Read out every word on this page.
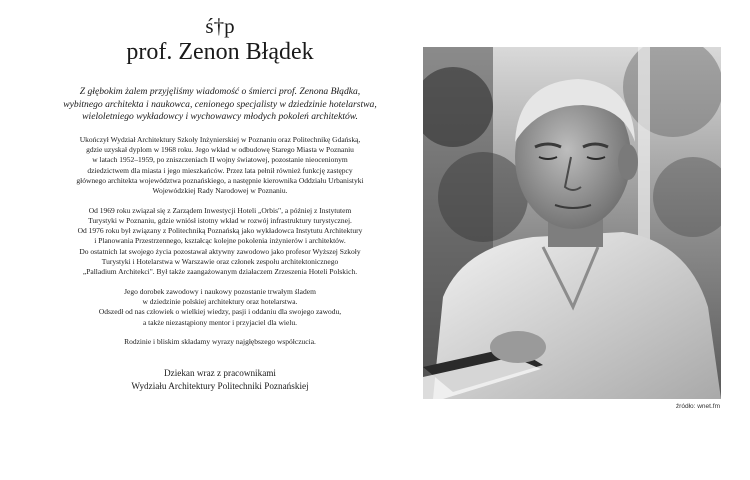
ś†p

prof. Zenon Błądek

Z głębokim żalem przyjęliśmy wiadomość o śmierci prof. Zenona Błądka,
wybitnego architekta i naukowca, cenionego specjalisty w dziedzinie hotelarstwa,
wieloletniego wykładowcy i wychowawcy młodych pokoleń architektów.

Ukończył Wydział Architektury Szkoły Inżynierskiej w Poznaniu oraz Politechnikę Gdańską,
gdzie uzyskał dyplom w 1968 roku. Jego wkład w odbudowę Starego Miasta w Poznaniu
w latach 1952–1959, po zniszczeniach II wojny światowej, pozostanie nieocenionym
dziedzictwem dla miasta i jego mieszkańców. Przez lata pełnił również funkcję zastępcy
głównego architekta województwa poznańskiego, a następnie kierownika Oddziału Urbanistyki
Wojewódzkiej Rady Narodowej w Poznaniu.

Od 1969 roku związał się z Zarządem Inwestycji Hoteli „Orbis", a później z Instytutem
Turystyki w Poznaniu, gdzie wniósł istotny wkład w rozwój infrastruktury turystycznej.
Od 1976 roku był związany z Politechniką Poznańską jako wykładowca Instytutu Architektury
i Planowania Przestrzennego, kształcąc kolejne pokolenia inżynierów i architektów.
Do ostatnich lat swojego życia pozostawał aktywny zawodowo jako profesor Wyższej Szkoły
Turystyki i Hotelarstwa w Warszawie oraz członek zespołu architektonicznego
„Palladium Architekci". Był także zaangażowanym działaczem Zrzeszenia Hoteli Polskich.

Jego dorobek zawodowy i naukowy pozostanie trwałym śladem
w dziedzinie polskiej architektury oraz hotelarstwa.
Odszedł od nas człowiek o wielkiej wiedzy, pasji i oddaniu dla swojego zawodu,
a także niezastąpiony mentor i przyjaciel dla wielu.

Rodzinie i bliskim składamy wyrazy najgłębszego współczucia.

Dziekan wraz z pracownikami
Wydziału Architektury Politechniki Poznańskiej
źródło: wnet.fm
